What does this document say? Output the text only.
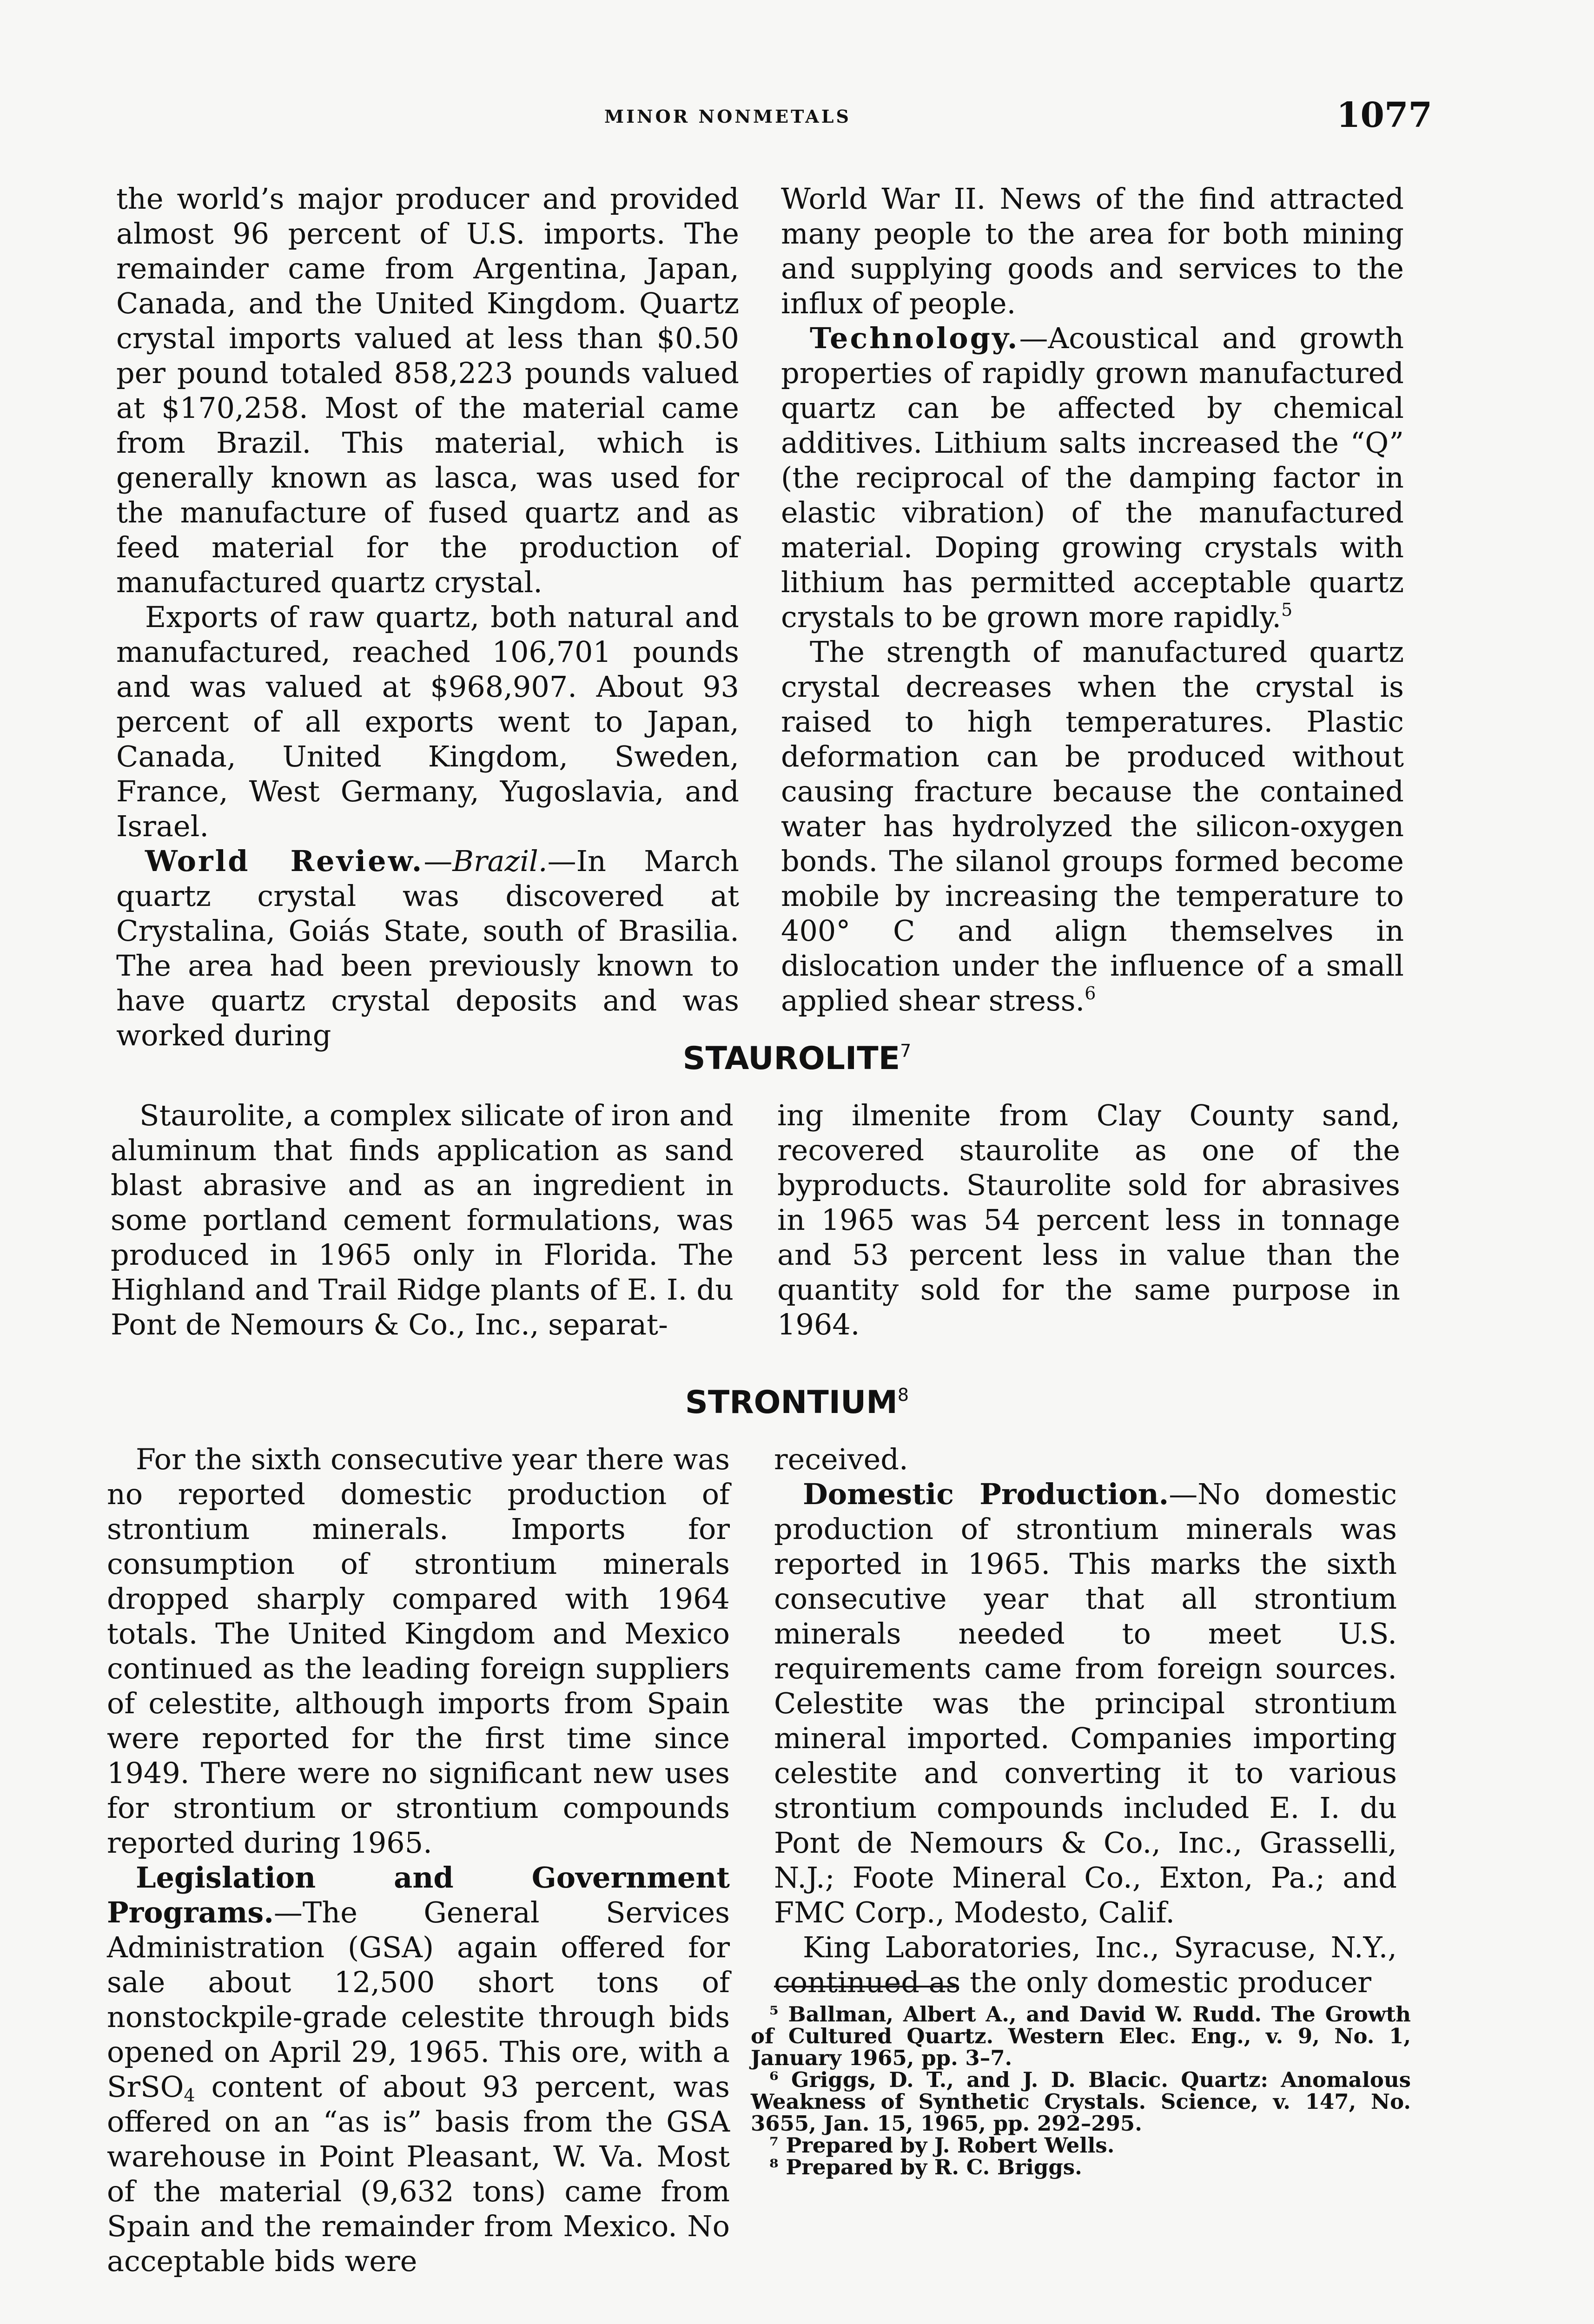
MINOR NONMETALS	1077

the world’s major producer and provided almost 96 percent of U.S. imports. The remainder came from Argentina, Japan, Canada, and the United Kingdom. Quartz crystal imports valued at less than $0.50 per pound totaled 858,223 pounds valued at $170,258. Most of the material came from Brazil. This material, which is generally known as lasca, was used for the manufacture of fused quartz and as feed material for the production of manufactured quartz crystal.

Exports of raw quartz, both natural and manufactured, reached 106,701 pounds and was valued at $968,907. About 93 percent of all exports went to Japan, Canada, United Kingdom, Sweden, France, West Germany, Yugoslavia, and Israel.

World Review.—Brazil.—In March quartz crystal was discovered at Crystalina, Goiás State, south of Brasilia. The area had been previously known to have quartz crystal deposits and was worked during

World War II. News of the find attracted many people to the area for both mining and supplying goods and services to the influx of people.

Technology.—Acoustical and growth properties of rapidly grown manufactured quartz can be affected by chemical additives. Lithium salts increased the “Q” (the reciprocal of the damping factor in elastic vibration) of the manufactured material. Doping growing crystals with lithium has permitted acceptable quartz crystals to be grown more rapidly.$^5$

The strength of manufactured quartz crystal decreases when the crystal is raised to high temperatures. Plastic deformation can be produced without causing fracture because the contained water has hydrolyzed the silicon-oxygen bonds. The silanol groups formed become mobile by increasing the temperature to 400° C and align themselves in dislocation under the influence of a small applied shear stress.$^6$

STAUROLITE$^7$

Staurolite, a complex silicate of iron and aluminum that finds application as sand blast abrasive and as an ingredient in some portland cement formulations, was produced in 1965 only in Florida. The Highland and Trail Ridge plants of E. I. du Pont de Nemours & Co., Inc., separat-

ing ilmenite from Clay County sand, recovered staurolite as one of the byproducts. Staurolite sold for abrasives in 1965 was 54 percent less in tonnage and 53 percent less in value than the quantity sold for the same purpose in 1964.

STRONTIUM$^8$

For the sixth consecutive year there was no reported domestic production of strontium minerals. Imports for consumption of strontium minerals dropped sharply compared with 1964 totals. The United Kingdom and Mexico continued as the leading foreign suppliers of celestite, although imports from Spain were reported for the first time since 1949. There were no significant new uses for strontium or strontium compounds reported during 1965.

Legislation and Government Programs.—The General Services Administration (GSA) again offered for sale about 12,500 short tons of nonstockpile-grade celestite through bids opened on April 29, 1965. This ore, with a SrSO$_4$ content of about 93 percent, was offered on an “as is” basis from the GSA warehouse in Point Pleasant, W. Va. Most of the material (9,632 tons) came from Spain and the remainder from Mexico. No acceptable bids were

received.

Domestic Production.—No domestic production of strontium minerals was reported in 1965. This marks the sixth consecutive year that all strontium minerals needed to meet U.S. requirements came from foreign sources. Celestite was the principal strontium mineral imported. Companies importing celestite and converting it to various strontium compounds included E. I. du Pont de Nemours & Co., Inc., Grasselli, N.J.; Foote Mineral Co., Exton, Pa.; and FMC Corp., Modesto, Calif.

King Laboratories, Inc., Syracuse, N.Y., continued as the only domestic producer

⁵ Ballman, Albert A., and David W. Rudd. The Growth of Cultured Quartz. Western Elec. Eng., v. 9, No. 1, January 1965, pp. 3–7.

⁶ Griggs, D. T., and J. D. Blacic. Quartz: Anomalous Weakness of Synthetic Crystals. Science, v. 147, No. 3655, Jan. 15, 1965, pp. 292–295.

⁷ Prepared by J. Robert Wells.

⁸ Prepared by R. C. Briggs.
